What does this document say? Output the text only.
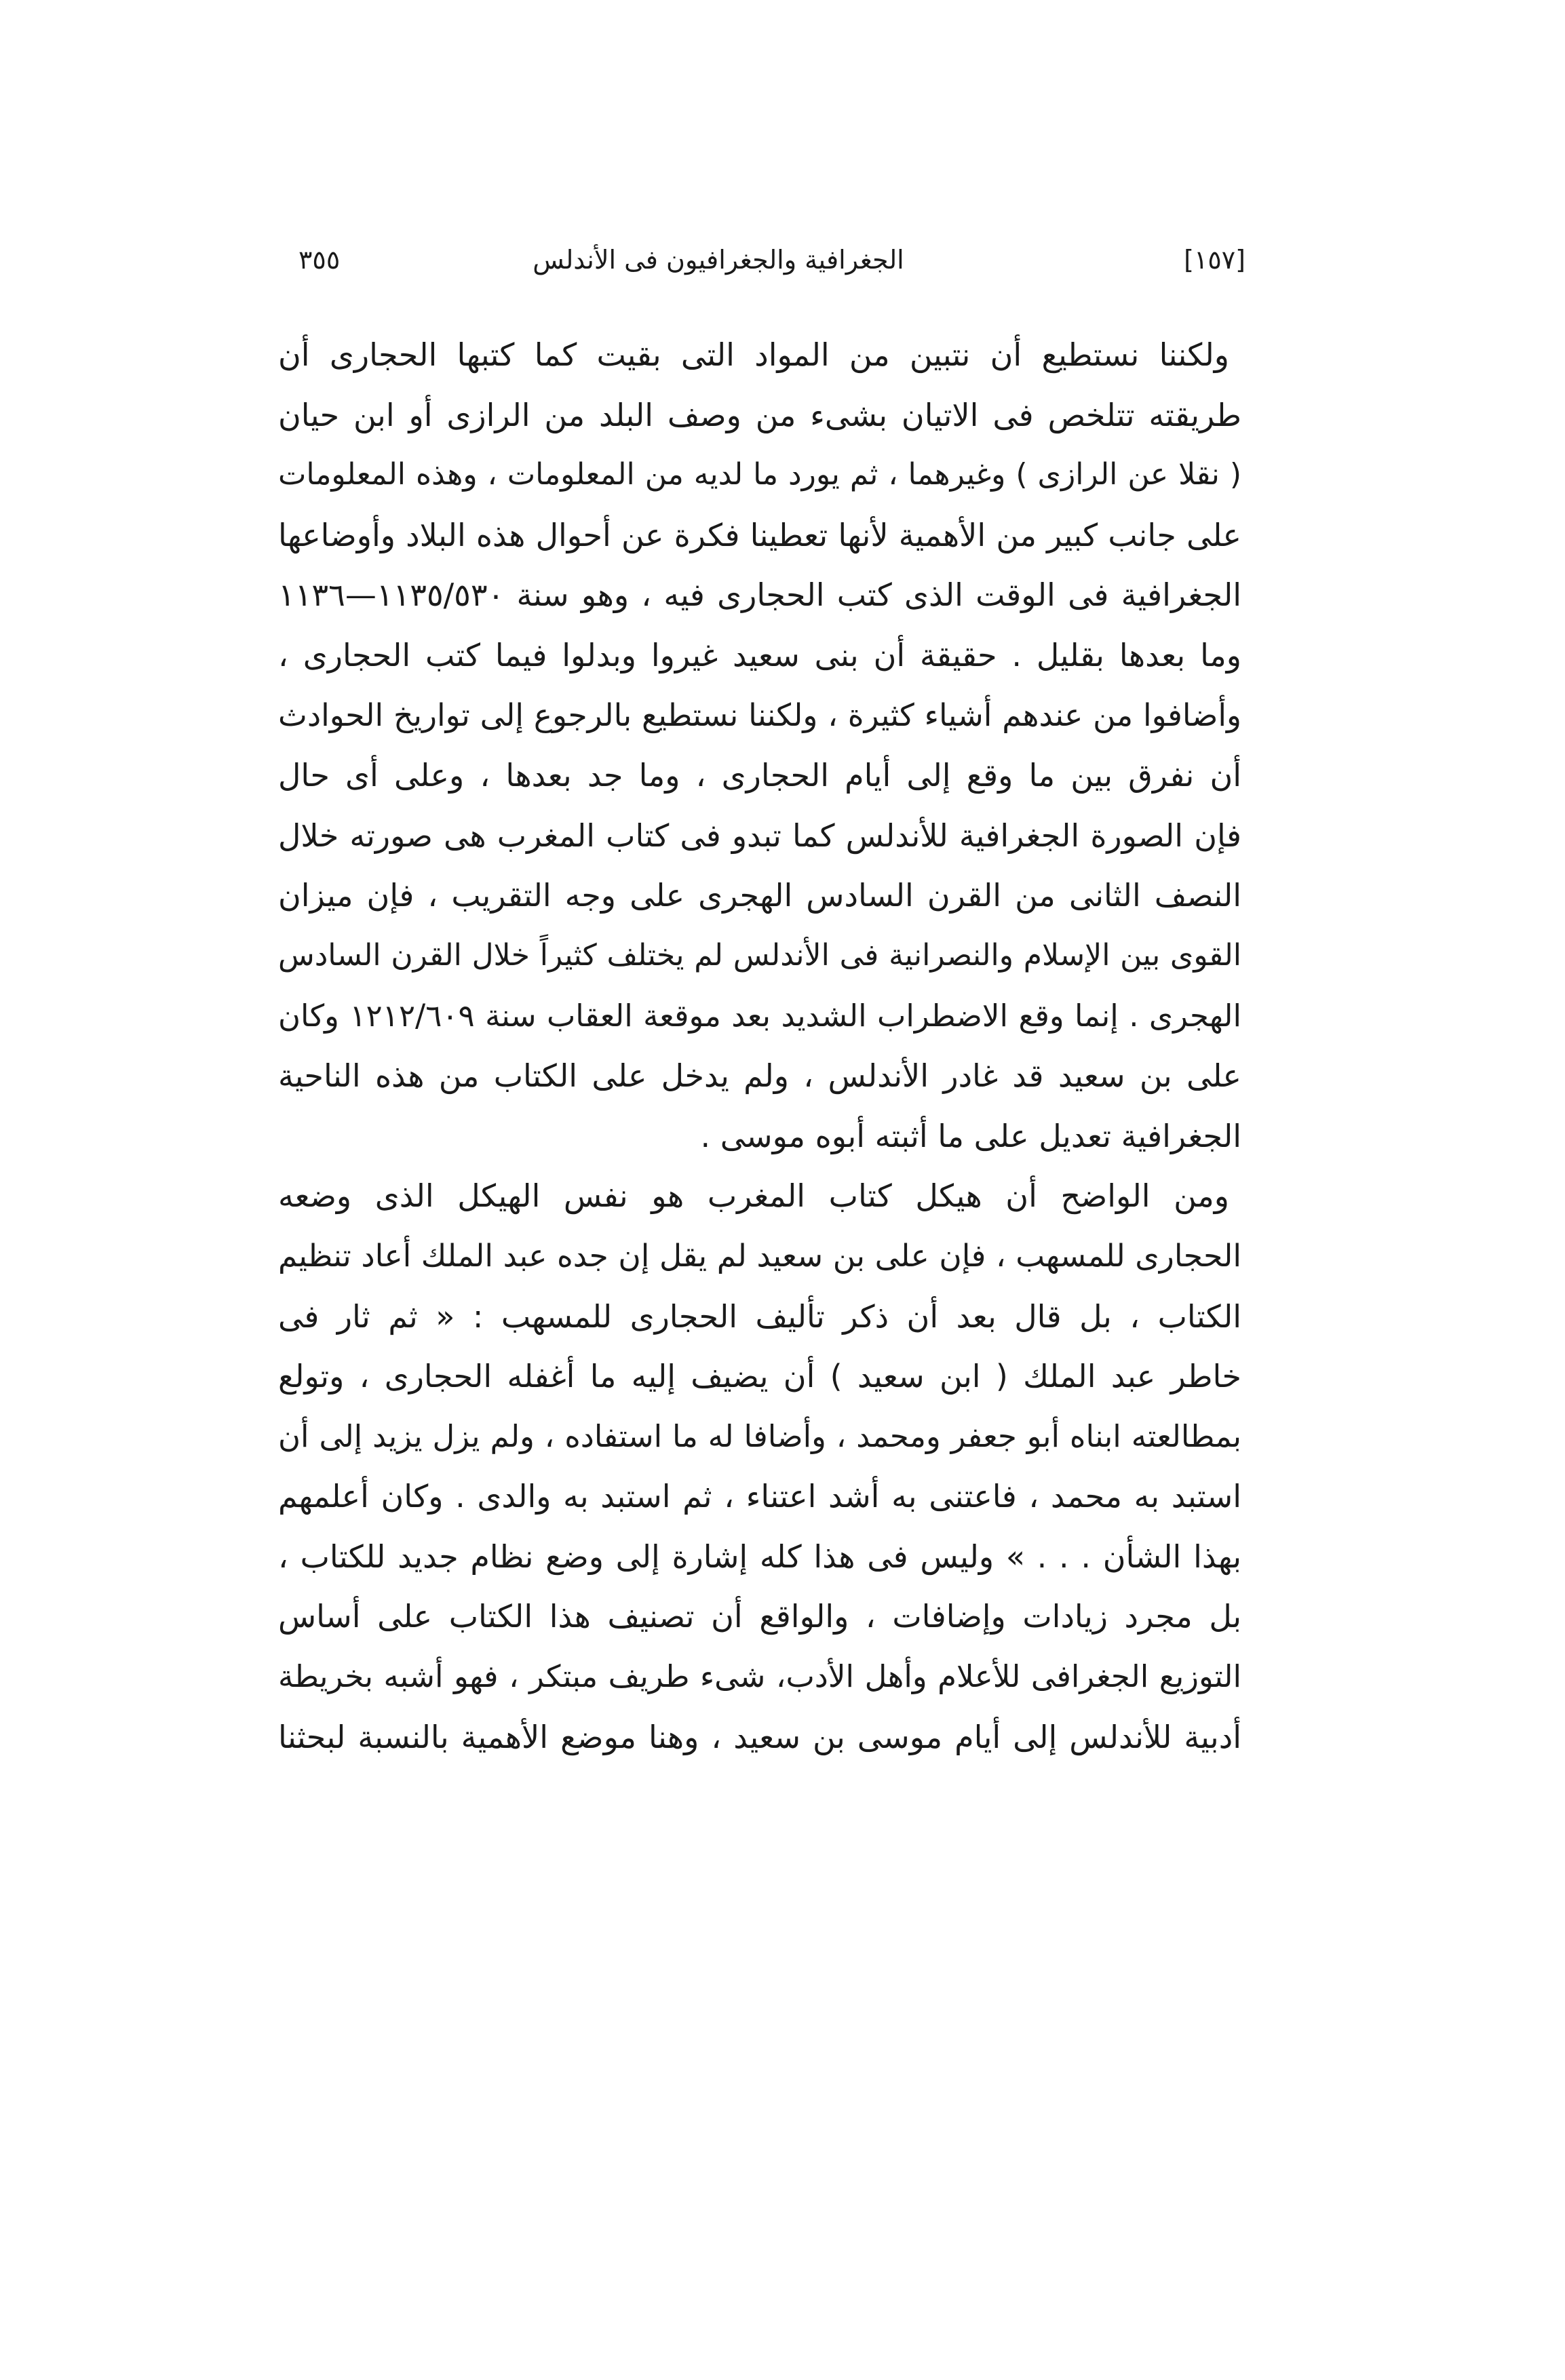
٣٥٥	الجغرافية والجغرافيون فى الأندلس	[١٥٧]
ولكننا نستطيع أن نتبين من المواد التى بقيت كما كتبها الحجارى أن
طريقته تتلخص فى الاتيان بشىء من وصف البلد من الرازى أو ابن حيان
( نقلا عن الرازى ) وغيرهما ، ثم يورد ما لديه من المعلومات ، وهذه المعلومات
على جانب كبير من الأهمية لأنها تعطينا فكرة عن أحوال هذه البلاد وأوضاعها
الجغرافية فى الوقت الذى كتب الحجارى فيه ، وهو سنة ٥٣٠‏/‏١١٣٥—١١٣٦
وما بعدها بقليل . حقيقة أن بنى سعيد غيروا وبدلوا فيما كتب الحجارى ،
وأضافوا من عندهم أشياء كثيرة ، ولكننا نستطيع بالرجوع إلى تواريخ الحوادث
أن نفرق بين ما وقع إلى أيام الحجارى ، وما جد بعدها ، وعلى أى حال
فإن الصورة الجغرافية للأندلس كما تبدو فى كتاب المغرب هى صورته خلال
النصف الثانى من القرن السادس الهجرى على وجه التقريب ، فإن ميزان
القوى بين الإسلام والنصرانية فى الأندلس لم يختلف كثيراً خلال القرن السادس
الهجرى . إنما وقع الاضطراب الشديد بعد موقعة العقاب سنة ٦٠٩‏/‏١٢١٢ وكان
على بن سعيد قد غادر الأندلس ، ولم يدخل على الكتاب من هذه الناحية
الجغرافية تعديل على ما أثبته أبوه موسى .
ومن الواضح أن هيكل كتاب المغرب هو نفس الهيكل الذى وضعه
الحجارى للمسهب ، فإن على بن سعيد لم يقل إن جده عبد الملك أعاد تنظيم
الكتاب ، بل قال بعد أن ذكر تأليف الحجارى للمسهب : « ثم ثار فى
خاطر عبد الملك ( ابن سعيد ) أن يضيف إليه ما أغفله الحجارى ، وتولع
بمطالعته ابناه أبو جعفر ومحمد ، وأضافا له ما استفاده ، ولم يزل يزيد إلى أن
استبد به محمد ، فاعتنى به أشد اعتناء ، ثم استبد به والدى . وكان أعلمهم
بهذا الشأن . . . » وليس فى هذا كله إشارة إلى وضع نظام جديد للكتاب ،
بل مجرد زيادات وإضافات ، والواقع أن تصنيف هذا الكتاب على أساس
التوزيع الجغرافى للأعلام وأهل الأدب، شىء طريف مبتكر ، فهو أشبه بخريطة
أدبية للأندلس إلى أيام موسى بن سعيد ، وهنا موضع الأهمية بالنسبة لبحثنا
